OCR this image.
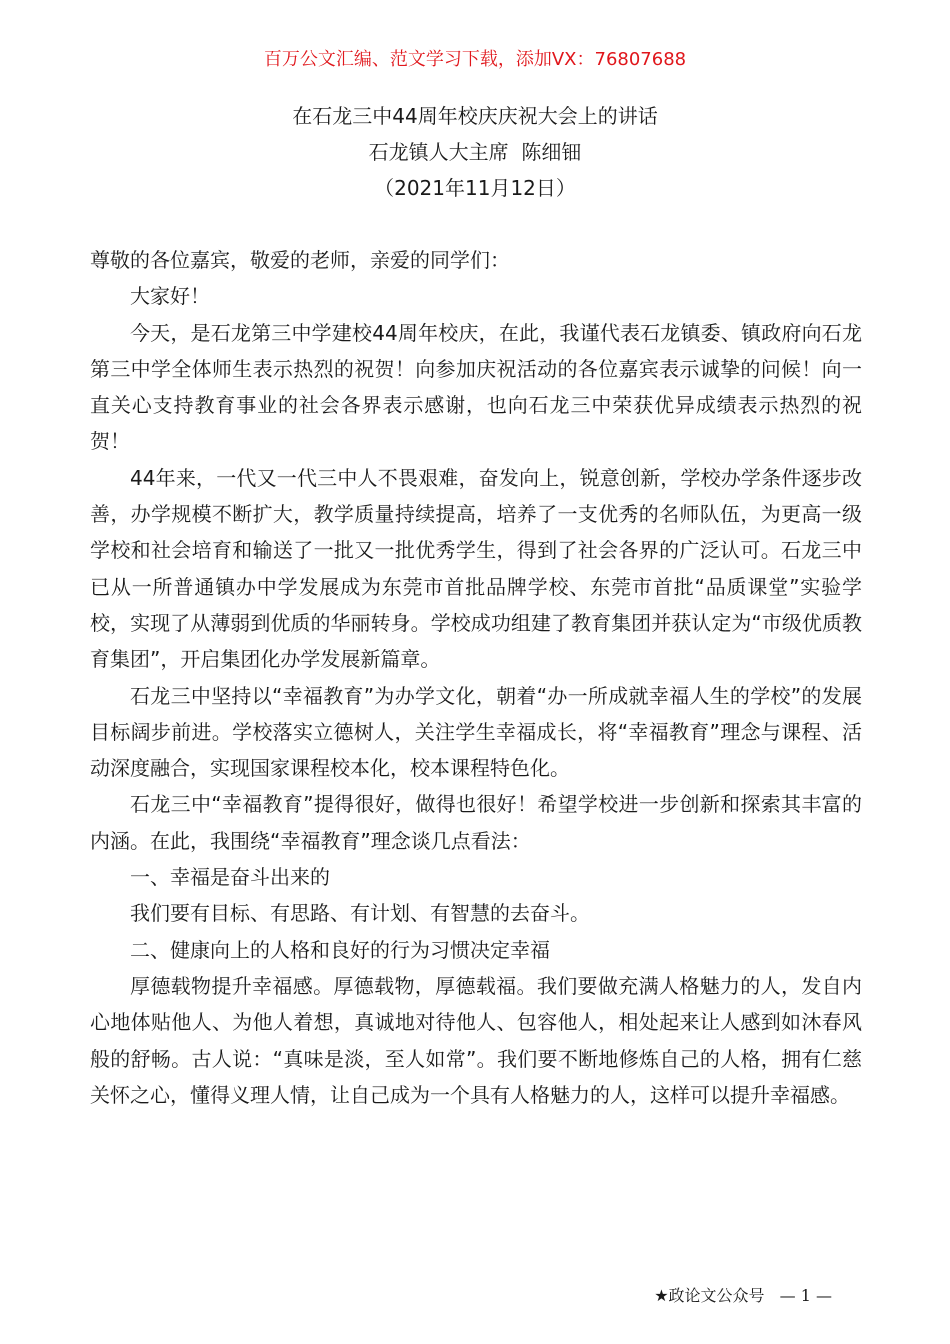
百万公文汇编、范文学习下载，添加VX：76807688
在石龙三中44周年校庆庆祝大会上的讲话
石龙镇人大主席  陈细钿
（2021年11月12日）

尊敬的各位嘉宾，敬爱的老师，亲爱的同学们：

大家好！

今天，是石龙第三中学建校44周年校庆，在此，我谨代表石龙镇委、镇政府向石龙第三中学全体师生表示热烈的祝贺！向参加庆祝活动的各位嘉宾表示诚挚的问候！向一直关心支持教育事业的社会各界表示感谢，也向石龙三中荣获优异成绩表示热烈的祝贺！

44年来，一代又一代三中人不畏艰难，奋发向上，锐意创新，学校办学条件逐步改善，办学规模不断扩大，教学质量持续提高，培养了一支优秀的名师队伍，为更高一级学校和社会培育和输送了一批又一批优秀学生，得到了社会各界的广泛认可。石龙三中已从一所普通镇办中学发展成为东莞市首批品牌学校、东莞市首批“品质课堂”实验学校，实现了从薄弱到优质的华丽转身。学校成功组建了教育集团并获认定为“市级优质教育集团”，开启集团化办学发展新篇章。

石龙三中坚持以“幸福教育”为办学文化，朝着“办一所成就幸福人生的学校”的发展目标阔步前进。学校落实立德树人，关注学生幸福成长，将“幸福教育”理念与课程、活动深度融合，实现国家课程校本化，校本课程特色化。

石龙三中“幸福教育”提得很好，做得也很好！希望学校进一步创新和探索其丰富的内涵。在此，我围绕“幸福教育”理念谈几点看法：

一、幸福是奋斗出来的

我们要有目标、有思路、有计划、有智慧的去奋斗。

二、健康向上的人格和良好的行为习惯决定幸福

厚德载物提升幸福感。厚德载物，厚德载福。我们要做充满人格魅力的人，发自内心地体贴他人、为他人着想，真诚地对待他人、包容他人，相处起来让人感到如沐春风般的舒畅。古人说：“真味是淡，至人如常”。我们要不断地修炼自己的人格，拥有仁慈关怀之心，懂得义理人情，让自己成为一个具有人格魅力的人，这样可以提升幸福感。

★政论文公众号 — 1 —
